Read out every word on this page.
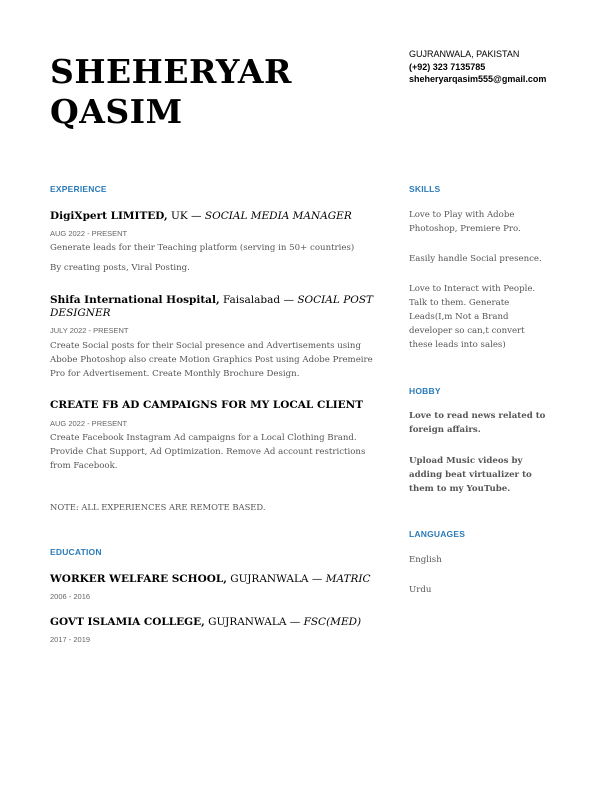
SHEHERYAR
QASIM
GUJRANWALA, PAKISTAN
(+92) 323 7135785
sheheryarqasim555@gmail.com
EXPERIENCE
DigiXpert LIMITED, UK — SOCIAL MEDIA MANAGER
AUG 2022 - PRESENT
Generate leads for their Teaching platform (serving in 50+ countries)
By creating posts, Viral Posting.
Shifa International Hospital, Faisalabad — SOCIAL POST DESIGNER
JULY 2022 - PRESENT
Create Social posts for their Social presence and Advertisements using Abobe Photoshop also create Motion Graphics Post using Adobe Premeire Pro for Advertisement. Create Monthly Brochure Design.
CREATE FB AD CAMPAIGNS FOR MY LOCAL CLIENT
AUG 2022 - PRESENT
Create Facebook Instagram Ad campaigns for a Local Clothing Brand. Provide Chat Support, Ad Optimization. Remove Ad account restrictions from Facebook.
NOTE: ALL EXPERIENCES ARE REMOTE BASED.
EDUCATION
WORKER WELFARE SCHOOL, GUJRANWALA — MATRIC
2006 - 2016
GOVT ISLAMIA COLLEGE, GUJRANWALA — FSC(MED)
2017 - 2019
SKILLS
Love to Play with Adobe Photoshop, Premiere Pro.
Easily handle Social presence.
Love to Interact with People. Talk to them. Generate Leads(I,m Not a Brand developer so can,t convert these leads into sales)
HOBBY
Love to read news related to foreign affairs.
Upload Music videos by adding beat virtualizer to them to my YouTube.
LANGUAGES
English
Urdu
